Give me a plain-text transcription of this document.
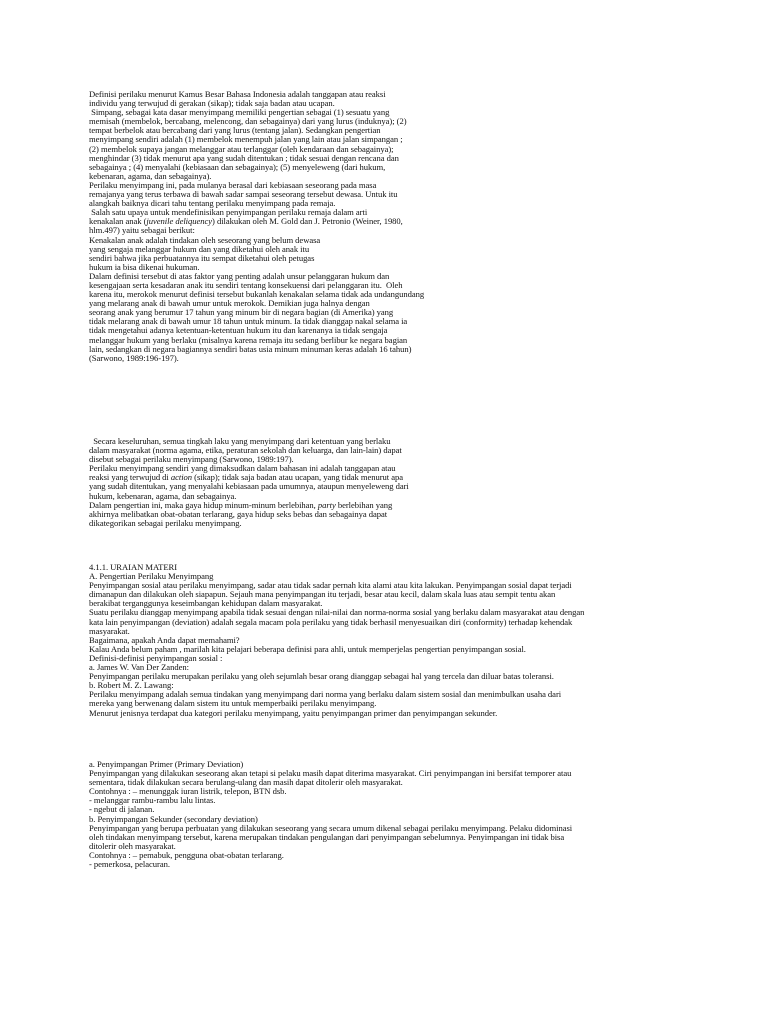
Definisi perilaku menurut Kamus Besar Bahasa Indonesia adalah tanggapan atau reaksi
individu yang terwujud di gerakan (sikap); tidak saja badan atau ucapan.
Simpang, sebagai kata dasar menyimpang memiliki pengertian sebagai (1) sesuatu yang
memisah (membelok, bercabang, melencong, dan sebagainya) dari yang lurus (induknya); (2)
tempat berbelok atau bercabang dari yang lurus (tentang jalan). Sedangkan pengertian
menyimpang sendiri adalah (1) membelok menempuh jalan yang lain atau jalan simpangan ;
(2) membelok supaya jangan melanggar atau terlanggar (oleh kendaraan dan sebagainya);
menghindar (3) tidak menurut apa yang sudah ditentukan ; tidak sesuai dengan rencana dan
sebagainya ; (4) menyalahi (kebiasaan dan sebagainya); (5) menyeleweng (dari hukum,
kebenaran, agama, dan sebagainya).
Perilaku menyimpang ini, pada mulanya berasal dari kebiasaan seseorang pada masa
remajanya yang terus terbawa di bawah sadar sampai seseorang tersebut dewasa. Untuk itu
alangkah baiknya dicari tahu tentang perilaku menyimpang pada remaja.
Salah satu upaya untuk mendefinisikan penyimpangan perilaku remaja dalam arti
kenakalan anak (juvenile deliquency) dilakukan oleh M. Gold dan J. Petronio (Weiner, 1980,
hlm.497) yaitu sebagai berikut:
Kenakalan anak adalah tindakan oleh seseorang yang belum dewasa
yang sengaja melanggar hukum dan yang diketahui oleh anak itu
sendiri bahwa jika perbuatannya itu sempat diketahui oleh petugas
hukum ia bisa dikenai hukuman.
Dalam definisi tersebut di atas faktor yang penting adalah unsur pelanggaran hukum dan
kesengajaan serta kesadaran anak itu sendiri tentang konsekuensi dari pelanggaran itu.  Oleh
karena itu, merokok menurut definisi tersebut bukanlah kenakalan selama tidak ada undangundang
yang melarang anak di bawah umur untuk merokok. Demikian juga halnya dengan
seorang anak yang berumur 17 tahun yang minum bir di negara bagian (di Amerika) yang
tidak melarang anak di bawah umur 18 tahun untuk minum. Ia tidak dianggap nakal selama ia
tidak mengetahui adanya ketentuan-ketentuan hukum itu dan karenanya ia tidak sengaja
melanggar hukum yang berlaku (misalnya karena remaja itu sedang berlibur ke negara bagian
lain, sedangkan di negara bagiannya sendiri batas usia minum minuman keras adalah 16 tahun)
(Sarwono, 1989:196-197).
Secara keseluruhan, semua tingkah laku yang menyimpang dari ketentuan yang berlaku
dalam masyarakat (norma agama, etika, peraturan sekolah dan keluarga, dan lain-lain) dapat
disebut sebagai perilaku menyimpang (Sarwono, 1989:197).
Perilaku menyimpang sendiri yang dimaksudkan dalam bahasan ini adalah tanggapan atau
reaksi yang terwujud di action (sikap); tidak saja badan atau ucapan, yang tidak menurut apa
yang sudah ditentukan, yang menyalahi kebiasaan pada umumnya, ataupun menyeleweng dari
hukum, kebenaran, agama, dan sebagainya.
Dalam pengertian ini, maka gaya hidup minum-minum berlebihan, party berlebihan yang
akhirnya melibatkan obat-obatan terlarang, gaya hidup seks bebas dan sebagainya dapat
dikategorikan sebagai perilaku menyimpang.
4.1.1. URAIAN MATERI
A. Pengertian Perilaku Menyimpang
Penyimpangan sosial atau perilaku menyimpang, sadar atau tidak sadar pernah kita alami atau kita lakukan. Penyimpangan sosial dapat terjadi
dimanapun dan dilakukan oleh siapapun. Sejauh mana penyimpangan itu terjadi, besar atau kecil, dalam skala luas atau sempit tentu akan
berakibat terganggunya keseimbangan kehidupan dalam masyarakat.
Suatu perilaku dianggap menyimpang apabila tidak sesuai dengan nilai-nilai dan norma-norma sosial yang berlaku dalam masyarakat atau dengan
kata lain penyimpangan (deviation) adalah segala macam pola perilaku yang tidak berhasil menyesuaikan diri (conformity) terhadap kehendak
masyarakat.
Bagaimana, apakah Anda dapat memahami?
Kalau Anda belum paham , marilah kita pelajari beberapa definisi para ahli, untuk memperjelas pengertian penyimpangan sosial.
Definisi-definisi penyimpangan sosial :
a. James W. Van Der Zanden:
Penyimpangan perilaku merupakan perilaku yang oleh sejumlah besar orang dianggap sebagai hal yang tercela dan diluar batas toleransi.
b. Robert M. Z. Lawang:
Perilaku menyimpang adalah semua tindakan yang menyimpang dari norma yang berlaku dalam sistem sosial dan menimbulkan usaha dari
mereka yang berwenang dalam sistem itu untuk memperbaiki perilaku menyimpang.
Menurut jenisnya terdapat dua kategori perilaku menyimpang, yaitu penyimpangan primer dan penyimpangan sekunder.
a. Penyimpangan Primer (Primary Deviation)
Penyimpangan yang dilakukan seseorang akan tetapi si pelaku masih dapat diterima masyarakat. Ciri penyimpangan ini bersifat temporer atau
sementara, tidak dilakukan secara berulang-ulang dan masih dapat ditolerir oleh masyarakat.
Contohnya : – menunggak iuran listrik, telepon, BTN dsb.
- melanggar rambu-rambu lalu lintas.
- ngebut di jalanan.
b. Penyimpangan Sekunder (secondary deviation)
Penyimpangan yang berupa perbuatan yang dilakukan seseorang yang secara umum dikenal sebagai perilaku menyimpang. Pelaku didominasi
oleh tindakan menyimpang tersebut, karena merupakan tindakan pengulangan dari penyimpangan sebelumnya. Penyimpangan ini tidak bisa
ditolerir oleh masyarakat.
Contohnya : – pemabuk, pengguna obat-obatan terlarang.
- pemerkosa, pelacuran.
